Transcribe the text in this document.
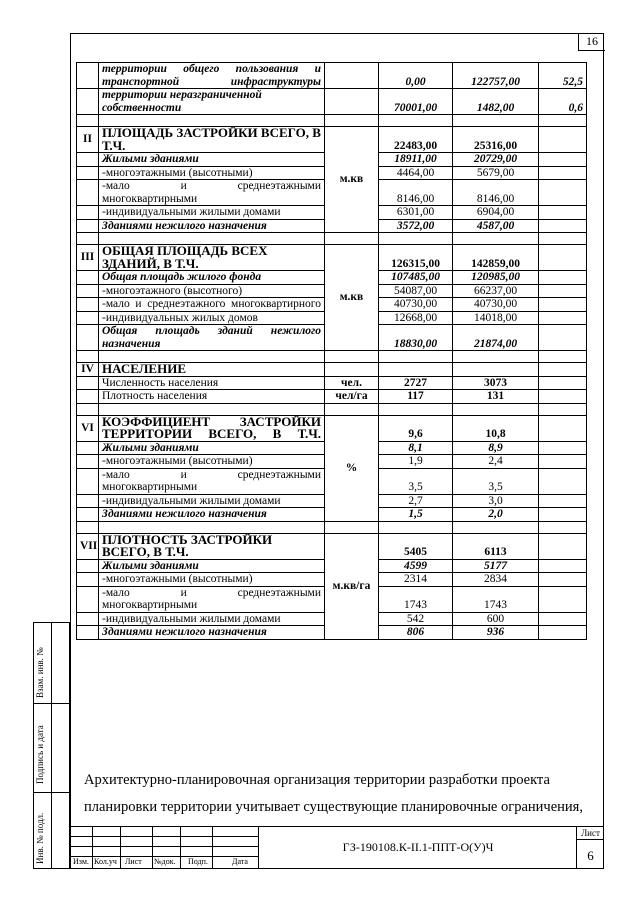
16
	территории общего пользования и транспортной инфраструктуры		0,00	122757,00	52,5
	территории неразграниченной собственности		70001,00	1482,00	0,6

II	ПЛОЩАДЬ ЗАСТРОЙКИ ВСЕГО, В Т.Ч.	м.кв	22483,00	25316,00	
	Жилыми зданиями		18911,00	20729,00	
	-многоэтажными (высотными)		4464,00	5679,00	
	-мало и среднеэтажными многоквартирными		8146,00	8146,00	
	-индивидуальными жилыми домами		6301,00	6904,00	
	Зданиями нежилого назначения		3572,00	4587,00	

III	ОБЩАЯ ПЛОЩАДЬ ВСЕХ ЗДАНИЙ, В Т.Ч.	м.кв	126315,00	142859,00	
	Общая площадь жилого фонда		107485,00	120985,00	
	-многоэтажного (высотного)		54087,00	66237,00	
	-мало и среднеэтажного многоквартирного		40730,00	40730,00	
	-индивидуальных жилых домов		12668,00	14018,00	
	Общая площадь зданий нежилого назначения		18830,00	21874,00	

IV	НАСЕЛЕНИЕ				
	Численность населения	чел.	2727	3073	
	Плотность населения	чел/га	117	131	

VI	КОЭФФИЦИЕНТ ЗАСТРОЙКИ ТЕРРИТОРИИ ВСЕГО, В Т.Ч.	%	9,6	10,8	
	Жилыми зданиями		8,1	8,9	
	-многоэтажными (высотными)		1,9	2,4	
	-мало и среднеэтажными многоквартирными		3,5	3,5	
	-индивидуальными жилыми домами		2,7	3,0	
	Зданиями нежилого назначения		1,5	2,0	

VII	ПЛОТНОСТЬ ЗАСТРОЙКИ ВСЕГО, В Т.Ч.	м.кв/га	5405	6113	
	Жилыми зданиями		4599	5177	
	-многоэтажными (высотными)		2314	2834	
	-мало и среднеэтажными многоквартирными		1743	1743	
	-индивидуальными жилыми домами		542	600	
	Зданиями нежилого назначения		806	936	
Архитектурно-планировочная организация территории разработки проекта
планировки территории учитывает существующие планировочные ограничения,
Инв. № подл.
Подпись и дата
Взам. инв. №
Изм. Кол.уч Лист №док. Подп.	Дата
ГЗ-190108.К-II.1-ППТ-О(У)Ч
Лист
6
